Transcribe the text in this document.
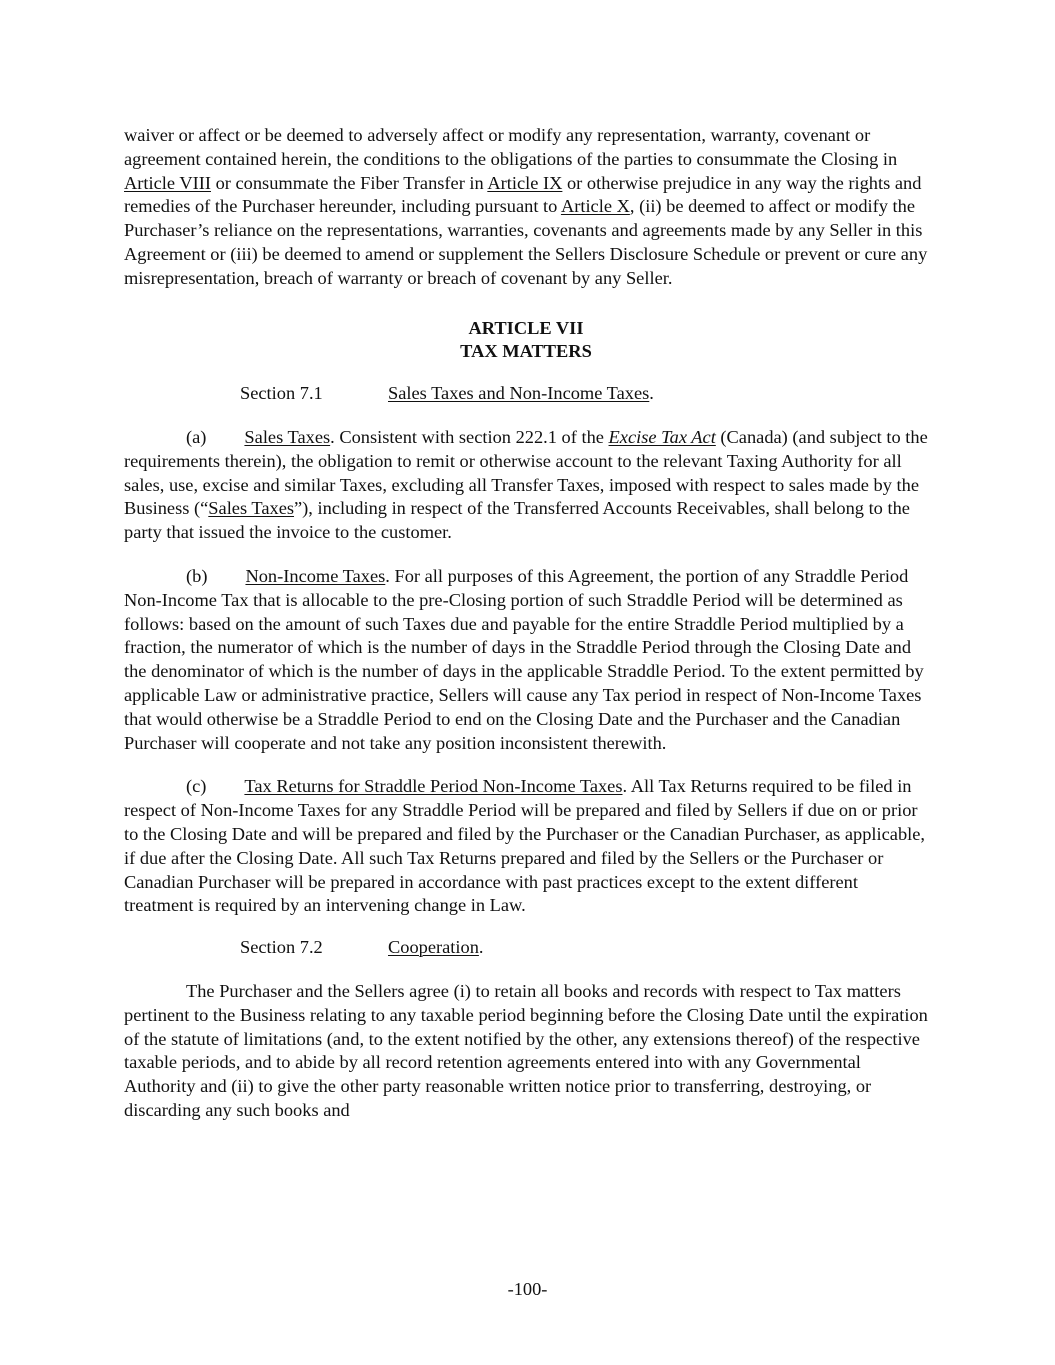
waiver or affect or be deemed to adversely affect or modify any representation, warranty, covenant or agreement contained herein, the conditions to the obligations of the parties to consummate the Closing in Article VIII or consummate the Fiber Transfer in Article IX or otherwise prejudice in any way the rights and remedies of the Purchaser hereunder, including pursuant to Article X, (ii) be deemed to affect or modify the Purchaser’s reliance on the representations, warranties, covenants and agreements made by any Seller in this Agreement or (iii) be deemed to amend or supplement the Sellers Disclosure Schedule or prevent or cure any misrepresentation, breach of warranty or breach of covenant by any Seller.

ARTICLE VII
TAX MATTERS
Section 7.1	Sales Taxes and Non-Income Taxes.

(a) Sales Taxes. Consistent with section 222.1 of the Excise Tax Act (Canada) (and subject to the requirements therein), the obligation to remit or otherwise account to the relevant Taxing Authority for all sales, use, excise and similar Taxes, excluding all Transfer Taxes, imposed with respect to sales made by the Business (“Sales Taxes”), including in respect of the Transferred Accounts Receivables, shall belong to the party that issued the invoice to the customer.

(b) Non-Income Taxes. For all purposes of this Agreement, the portion of any Straddle Period Non-Income Tax that is allocable to the pre-Closing portion of such Straddle Period will be determined as follows: based on the amount of such Taxes due and payable for the entire Straddle Period multiplied by a fraction, the numerator of which is the number of days in the Straddle Period through the Closing Date and the denominator of which is the number of days in the applicable Straddle Period. To the extent permitted by applicable Law or administrative practice, Sellers will cause any Tax period in respect of Non-Income Taxes that would otherwise be a Straddle Period to end on the Closing Date and the Purchaser and the Canadian Purchaser will cooperate and not take any position inconsistent therewith.

(c) Tax Returns for Straddle Period Non-Income Taxes. All Tax Returns required to be filed in respect of Non-Income Taxes for any Straddle Period will be prepared and filed by Sellers if due on or prior to the Closing Date and will be prepared and filed by the Purchaser or the Canadian Purchaser, as applicable, if due after the Closing Date. All such Tax Returns prepared and filed by the Sellers or the Purchaser or Canadian Purchaser will be prepared in accordance with past practices except to the extent different treatment is required by an intervening change in Law.

Section 7.2	Cooperation.

The Purchaser and the Sellers agree (i) to retain all books and records with respect to Tax matters pertinent to the Business relating to any taxable period beginning before the Closing Date until the expiration of the statute of limitations (and, to the extent notified by the other, any extensions thereof) of the respective taxable periods, and to abide by all record retention agreements entered into with any Governmental Authority and (ii) to give the other party reasonable written notice prior to transferring, destroying, or discarding any such books and

-100-
